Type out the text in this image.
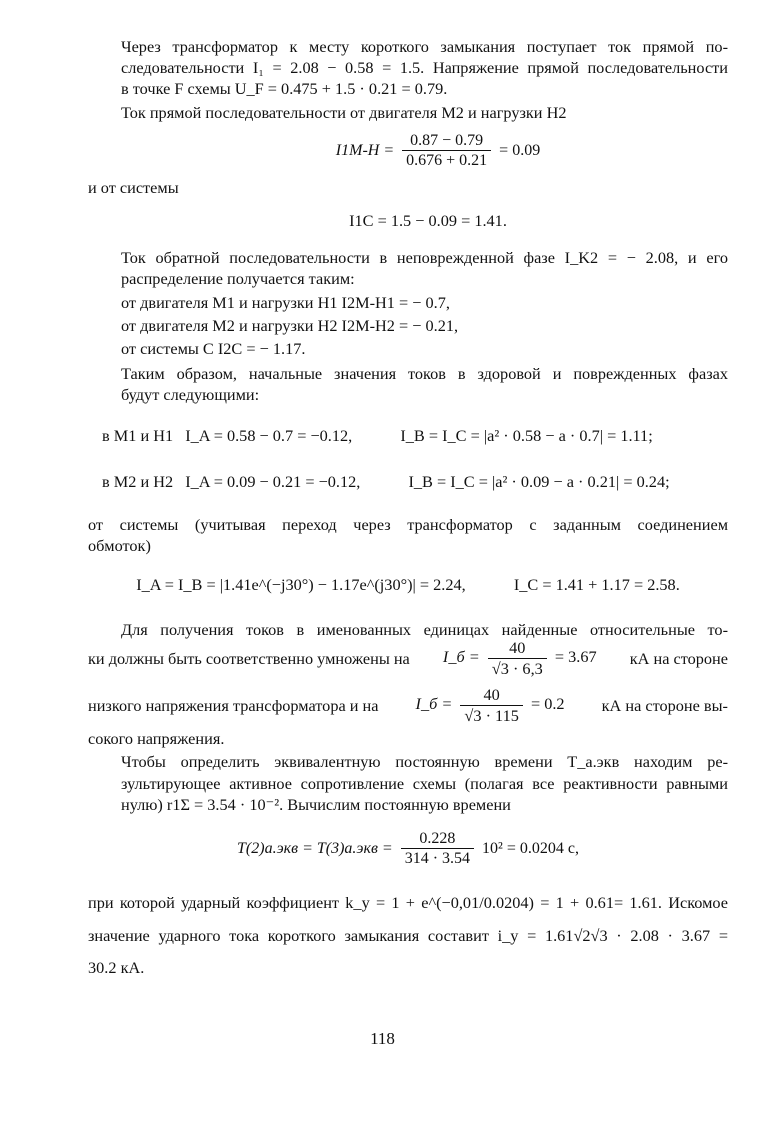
Через трансформатор к месту короткого замыкания поступает ток прямой по-
следовательности I₁ = 2.08 − 0.58 = 1.5. Напряжение прямой последовательности
в точке F схемы U_F = 0.475 + 1.5 · 0.21 = 0.79.

Ток прямой последовательности от двигателя М2 и нагрузки Н2

$I1М-Н = \frac{0.87 - 0.79}{0.676 + 0.21} = 0.09$

и от системы

I1С = 1.5 − 0.09 = 1.41.

Ток обратной последовательности в неповрежденной фазе I_K2 = − 2.08, и его
распределение получается таким:

от двигателя М1 и нагрузки Н1 I2М-Н1 = − 0.7,
от двигателя М2 и нагрузки Н2 I2М-Н2 = − 0.21,
от системы С I2С = − 1.17.

Таким образом, начальные значения токов в здоровой и поврежденных фазах
будут следующими:

в М1 и Н1 I_A = 0.58 − 0.7 = −0.12,	I_B = I_C = |a² · 0.58 − a · 0.7| = 1.11;
в М2 и Н2 I_A = 0.09 − 0.21 = −0.12,	I_B = I_C = |a² · 0.09 − a · 0.21| = 0.24;

от системы (учитывая переход через трансформатор с заданным соединением
обмоток)

I_A = I_B = |1.41e^(−j30°) − 1.17e^(j30°)| = 2.24,	I_C = 1.41 + 1.17 = 2.58.
Для получения токов в именованных единицах найденные относительные то-
ки должны быть соответственно умножены на I_б = $\frac{40}{√3 \cdot 6,3} = 3.67$ кА на стороне
низкого напряжения трансформатора и на I_б = $\frac{40}{√3 \cdot 115} = 0.2$ кА на стороне вы-
сокого напряжения.

Чтобы определить эквивалентную постоянную времени T_а.экв находим ре-
зультирующее активное сопротивление схемы (полагая все реактивности равными
нулю) r1Σ = 3.54 · 10⁻². Вычислим постоянную времени

$T(2)а.экв = T(3)а.экв = \frac{0.228}{314 \cdot 3.54} 10^2 = 0.0204$ с,

при которой ударный коэффициент k_у = 1 + e^(−0,01/0.0204) = 1 + 0.61= 1.61. Искомое
значение ударного тока короткого замыкания составит i_у = 1.61√2√3 · 2.08 · 3.67 =
30.2 кА.

118
